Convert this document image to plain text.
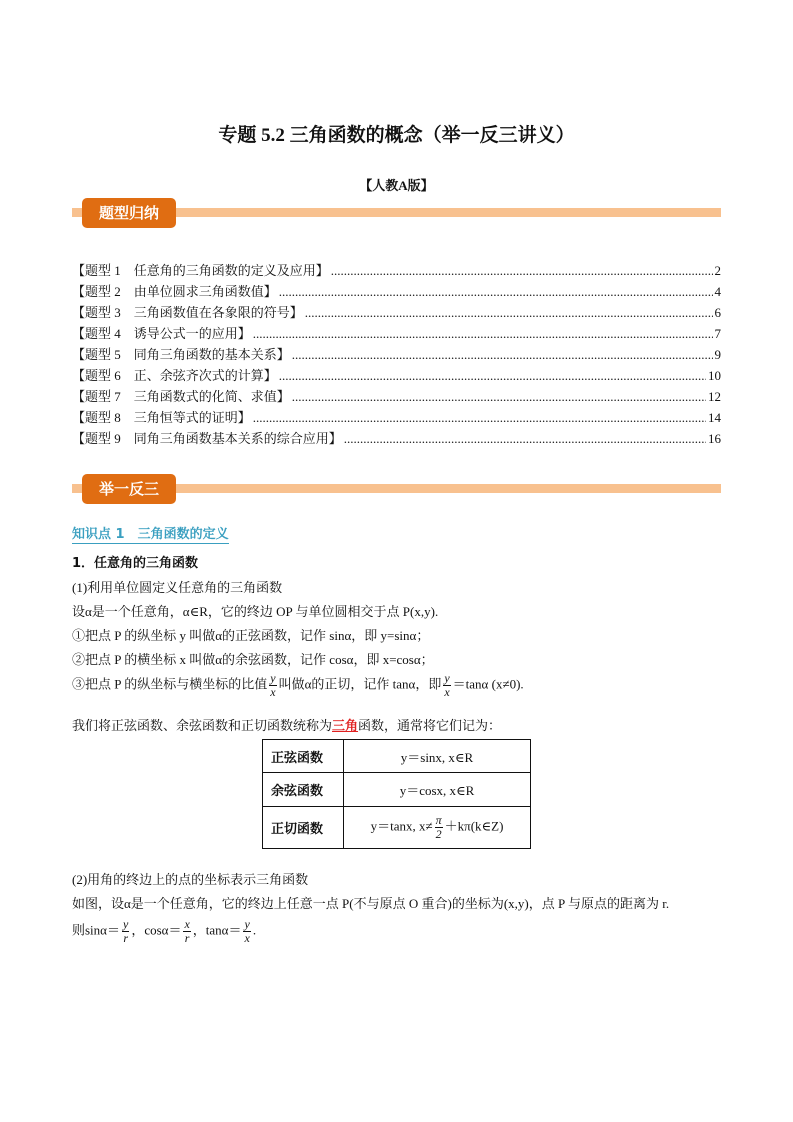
专题 5.2 三角函数的概念（举一反三讲义）
【人教A版】
题型归纳
【题型 1　任意角的三角函数的定义及应用】 .....	2
【题型 2　由单位圆求三角函数值】 .....	4
【题型 3　三角函数值在各象限的符号】 .....	6
【题型 4　诱导公式一的应用】 .....	7
【题型 5　同角三角函数的基本关系】 .....	9
【题型 6　正、余弦齐次式的计算】 .....	10
【题型 7　三角函数式的化简、求值】 .....	12
【题型 8　三角恒等式的证明】 .....	14
【题型 9　同角三角函数基本关系的综合应用】 .....	16
举一反三
知识点 1　三角函数的定义
1．任意角的三角函数
(1)利用单位圆定义任意角的三角函数
设α是一个任意角，α∈R，它的终边 OP 与单位圆相交于点 P(x,y).
①把点 P 的纵坐标 y 叫做α的正弦函数，记作 sinα，即 y=sinα；
②把点 P 的横坐标 x 叫做α的余弦函数，记作 cosα，即 x=cosα；
③把点 P 的纵坐标与横坐标的比值 $\frac{y}{x}$ 叫做α的正切，记作 tanα，即 $\frac{y}{x} =\tan\alpha$ (x≠0).
我们将正弦函数、余弦函数和正切函数统称为三角函数，通常将它们记为：
正弦函数	y＝sinx, x∈R
余弦函数	y＝cosx, x∈R
正切函数	y＝tanx, $x\ne \frac{\pi}{2}$ ＋kπ(k∈Z)
(2)用角的终边上的点的坐标表示三角函数
如图，设α是一个任意角，它的终边上任意一点 P(不与原点 O 重合)的坐标为(x,y)，点 P 与原点的距离为 r.
则$\sin\alpha= \frac{y}{r}$ ，$\cos\alpha= \frac{x}{r}$ ，$\tan\alpha= \frac{y}{x}$ .
